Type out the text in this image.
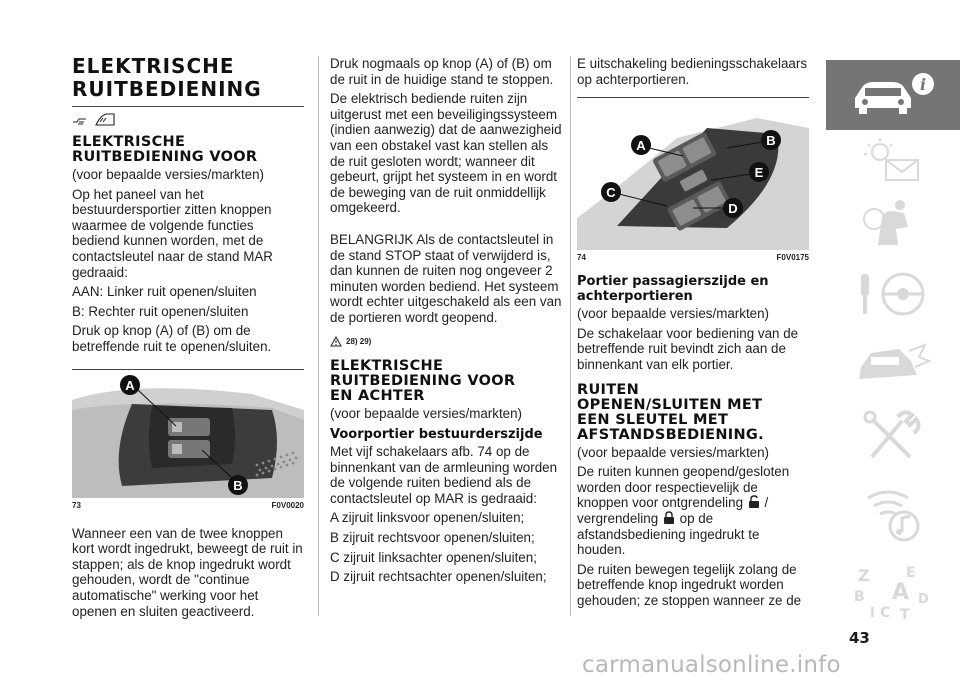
ELEKTRISCHE
RUITBEDIENING
ELEKTRISCHE
RUITBEDIENING VOOR

(voor bepaalde versies/markten)

Op het paneel van het bestuurdersportier zitten knoppen waarmee de volgende functies bediend kunnen worden, met de contactsleutel naar de stand MAR gedraaid:

AAN: Linker ruit openen/sluiten

B: Rechter ruit openen/sluiten

Druk op knop (A) of (B) om de betreffende ruit te openen/sluiten.

A
B
73	F0V0020

Wanneer een van de twee knoppen kort wordt ingedrukt, beweegt de ruit in stappen; als de knop ingedrukt wordt gehouden, wordt de "continue automatische" werking voor het openen en sluiten geactiveerd.

Druk nogmaals op knop (A) of (B) om de ruit in de huidige stand te stoppen.

De elektrisch bediende ruiten zijn uitgerust met een beveiligingssysteem (indien aanwezig) dat de aanwezigheid van een obstakel vast kan stellen als de ruit gesloten wordt; wanneer dit gebeurt, grijpt het systeem in en wordt de beweging van de ruit onmiddellijk omgekeerd.

BELANGRIJK Als de contactsleutel in de stand STOP staat of verwijderd is, dan kunnen de ruiten nog ongeveer 2 minuten worden bediend. Het systeem wordt echter uitgeschakeld als een van de portieren wordt geopend.

28) 29)
ELEKTRISCHE
RUITBEDIENING VOOR
EN ACHTER

(voor bepaalde versies/markten)

Voorportier bestuurderszijde

Met vijf schakelaars afb. 74 op de binnenkant van de armleuning worden de volgende ruiten bediend als de contactsleutel op MAR is gedraaid:

A zijruit linksvoor openen/sluiten;

B zijruit rechtsvoor openen/sluiten;

C zijruit linksachter openen/sluiten;

D zijruit rechtsachter openen/sluiten;

E uitschakeling bedieningsschakelaars op achterportieren.

A	B
E
C
D
74	F0V0175
Portier passagierszijde en
achterportieren

(voor bepaalde versies/markten)

De schakelaar voor bediening van de betreffende ruit bevindt zich aan de binnenkant van elk portier.

RUITEN
OPENEN/SLUITEN MET
EEN SLEUTEL MET
AFSTANDSBEDIENING.

(voor bepaalde versies/markten)

De ruiten kunnen geopend/gesloten worden door respectievelijk de knoppen voor ontgrendeling / vergrendeling op de afstandsbediening ingedrukt te houden.

De ruiten bewegen tegelijk zolang de betreffende knop ingedrukt worden gehouden; ze stoppen wanneer ze de

i
Z	E
B A D
I C T
43
carmanualsonline.info
